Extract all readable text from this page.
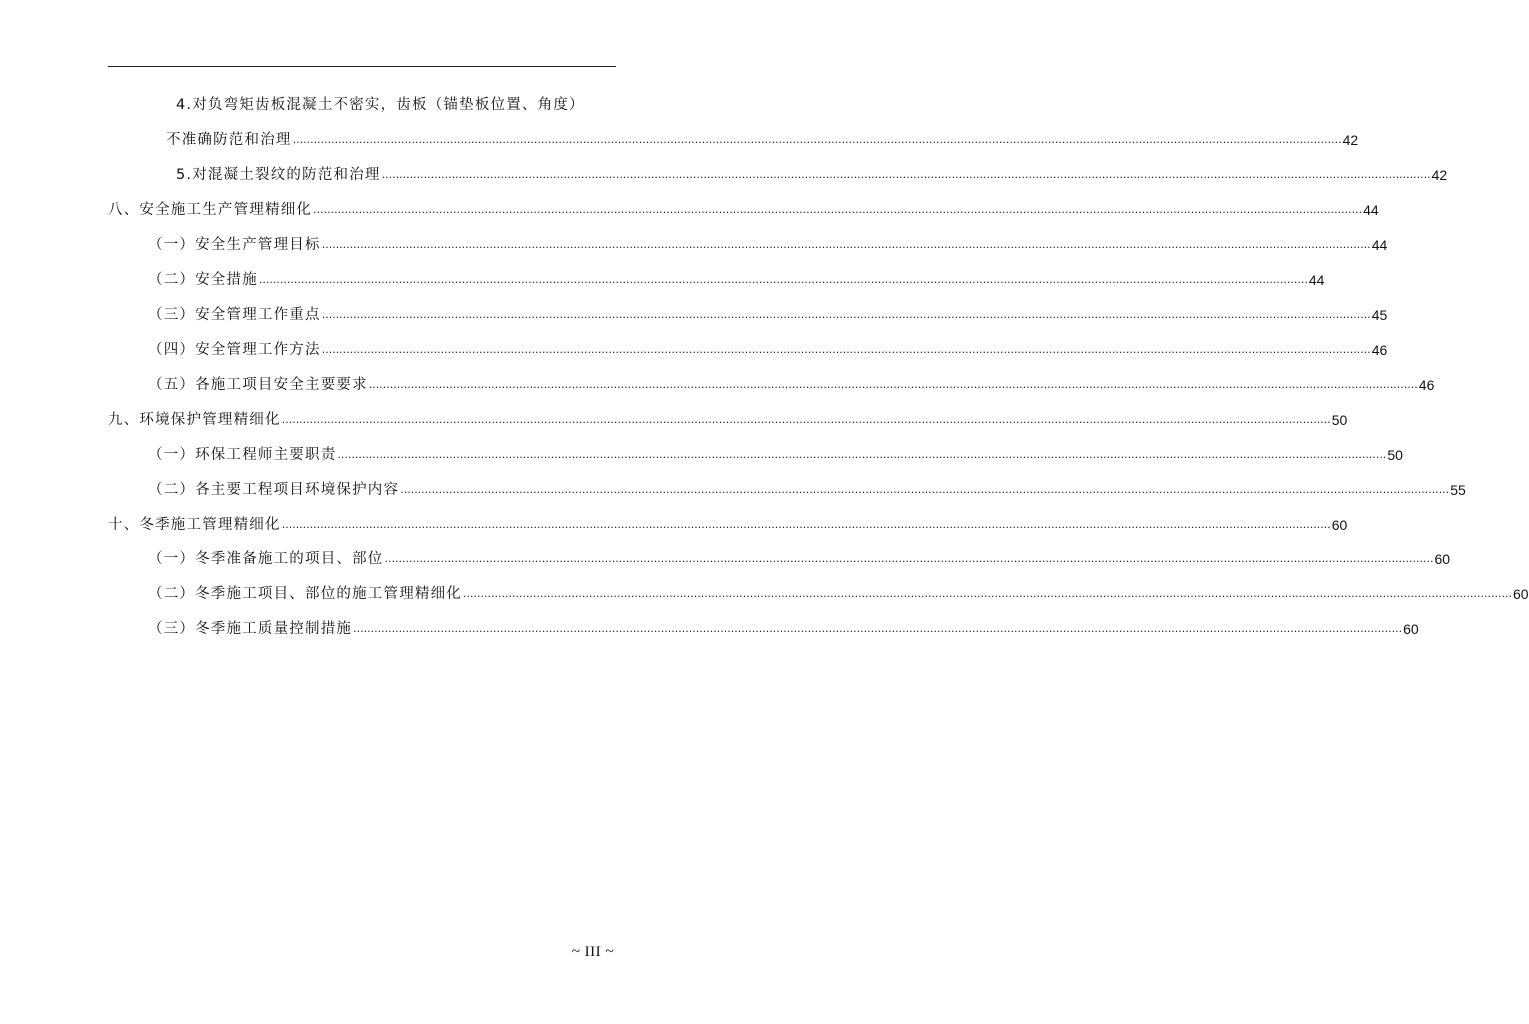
4.对负弯矩齿板混凝土不密实，齿板（锚垫板位置、角度）
不准确防范和治理 ............................................................................................................................................................................................................................................................................................................ 42
5.对混凝土裂纹的防范和治理 ............................................................................................................................................................................................................................................................................................................ 42
八、安全施工生产管理精细化 ............................................................................................................................................................................................................................................................................................................ 44
（一）安全生产管理目标 ............................................................................................................................................................................................................................................................................................................ 44
（二）安全措施 ............................................................................................................................................................................................................................................................................................................ 44
（三）安全管理工作重点 ............................................................................................................................................................................................................................................................................................................ 45
（四）安全管理工作方法 ............................................................................................................................................................................................................................................................................................................ 46
（五）各施工项目安全主要要求 ............................................................................................................................................................................................................................................................................................................ 46
九、环境保护管理精细化 ............................................................................................................................................................................................................................................................................................................ 50
（一）环保工程师主要职责 ............................................................................................................................................................................................................................................................................................................ 50
（二）各主要工程项目环境保护内容 ............................................................................................................................................................................................................................................................................................................ 55
十、冬季施工管理精细化 ............................................................................................................................................................................................................................................................................................................ 60
（一）冬季准备施工的项目、部位 ............................................................................................................................................................................................................................................................................................................ 60
（二）冬季施工项目、部位的施工管理精细化 ............................................................................................................................................................................................................................................................................................................ 60
（三）冬季施工质量控制措施 ............................................................................................................................................................................................................................................................................................................ 60
~ III ~
